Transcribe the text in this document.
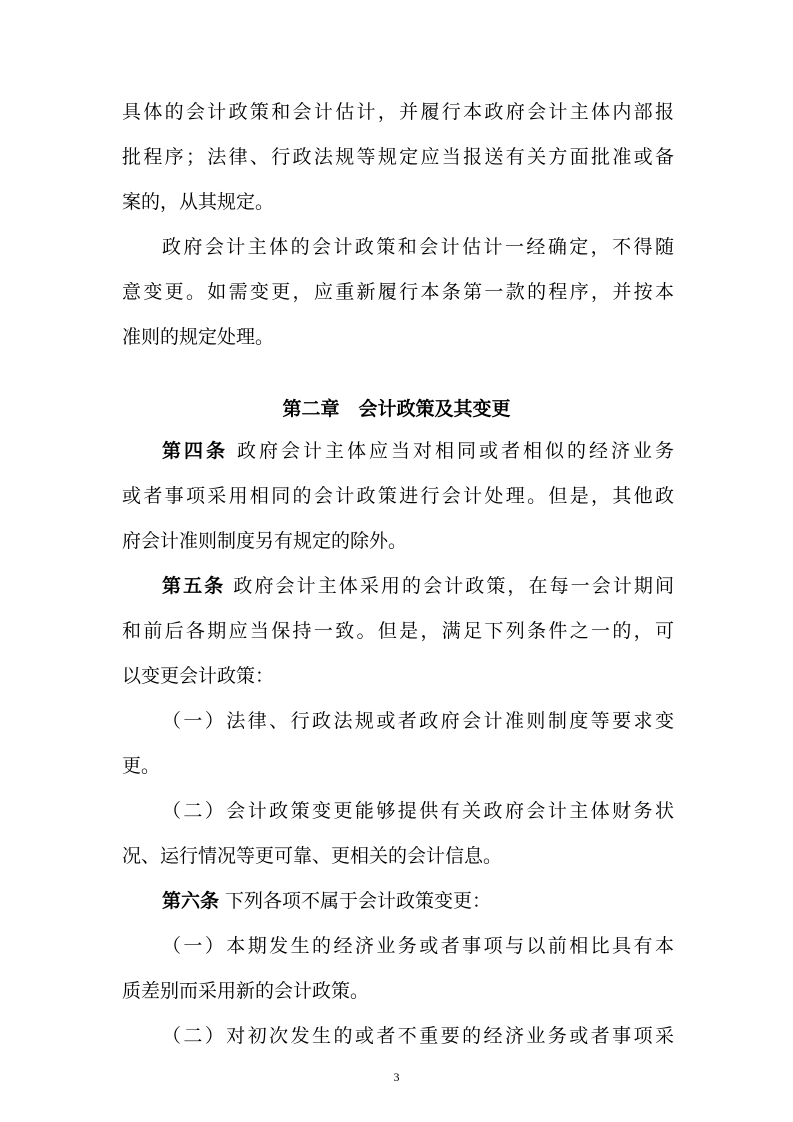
具体的会计政策和会计估计，并履行本政府会计主体内部报
批程序；法律、行政法规等规定应当报送有关方面批准或备
案的，从其规定。
政府会计主体的会计政策和会计估计一经确定，不得随
意变更。如需变更，应重新履行本条第一款的程序，并按本
准则的规定处理。
第二章　会计政策及其变更
第四条 政府会计主体应当对相同或者相似的经济业务
或者事项采用相同的会计政策进行会计处理。但是，其他政
府会计准则制度另有规定的除外。
第五条 政府会计主体采用的会计政策，在每一会计期间
和前后各期应当保持一致。但是，满足下列条件之一的，可
以变更会计政策：
（一）法律、行政法规或者政府会计准则制度等要求变
更。
（二）会计政策变更能够提供有关政府会计主体财务状
况、运行情况等更可靠、更相关的会计信息。
第六条 下列各项不属于会计政策变更：
（一）本期发生的经济业务或者事项与以前相比具有本
质差别而采用新的会计政策。
（二）对初次发生的或者不重要的经济业务或者事项采
3
